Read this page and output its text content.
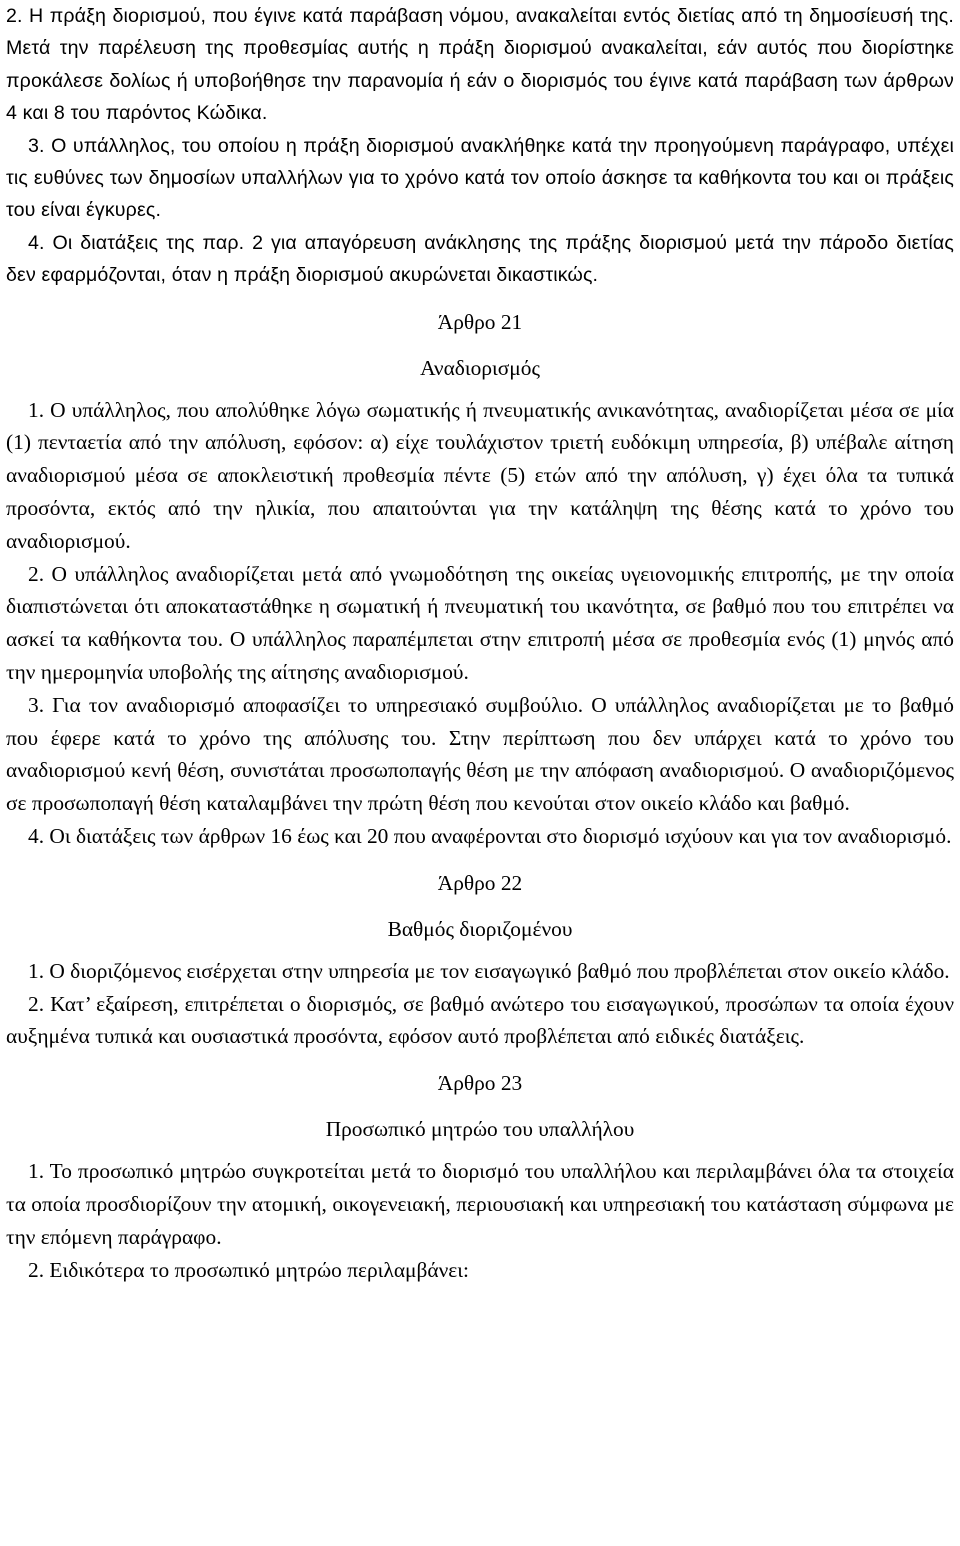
2. Η πράξη διορισμού, που έγινε κατά παράβαση νόμου, ανακαλείται εντός διετίας από τη δημοσίευσή της. Μετά την παρέλευση της προθεσμίας αυτής η πράξη διορισμού ανακαλείται, εάν αυτός που διορίστηκε προκάλεσε δολίως ή υποβοήθησε την παρανομία ή εάν ο διορισμός του έγινε κατά παράβαση των άρθρων 4 και 8 του παρόντος Κώδικα.

3. Ο υπάλληλος, του οποίου η πράξη διορισμού ανακλήθηκε κατά την προηγούμενη παράγραφο, υπέχει τις ευθύνες των δημοσίων υπαλλήλων για το χρόνο κατά τον οποίο άσκησε τα καθήκοντα του και οι πράξεις του είναι έγκυρες.

4. Οι διατάξεις της παρ. 2 για απαγόρευση ανάκλησης της πράξης διορισμού μετά την πάροδο διετίας δεν εφαρμόζονται, όταν η πράξη διορισμού ακυρώνεται δικαστικώς.

Άρθρο 21

Αναδιορισμός

1. Ο υπάλληλος, που απολύθηκε λόγω σωματικής ή πνευματικής ανικανότητας, αναδιορίζεται μέσα σε μία (1) πενταετία από την απόλυση, εφόσον: α) είχε τουλάχιστον τριετή ευδόκιμη υπηρεσία, β) υπέβαλε αίτηση αναδιορισμού μέσα σε αποκλειστική προθεσμία πέντε (5) ετών από την απόλυση, γ) έχει όλα τα τυπικά προσόντα, εκτός από την ηλικία, που απαιτούνται για την κατάληψη της θέσης κατά το χρόνο του αναδιορισμού.

2. Ο υπάλληλος αναδιορίζεται μετά από γνωμοδότηση της οικείας υγειονομικής επιτροπής, με την οποία διαπιστώνεται ότι αποκαταστάθηκε η σωματική ή πνευματική του ικανότητα, σε βαθμό που του επιτρέπει να ασκεί τα καθήκοντα του. Ο υπάλληλος παραπέμπεται στην επιτροπή μέσα σε προθεσμία ενός (1) μηνός από την ημερομηνία υποβολής της αίτησης αναδιορισμού.

3. Για τον αναδιορισμό αποφασίζει το υπηρεσιακό συμβούλιο. Ο υπάλληλος αναδιορίζεται με το βαθμό που έφερε κατά το χρόνο της απόλυσης του. Στην περίπτωση που δεν υπάρχει κατά το χρόνο του αναδιορισμού κενή θέση, συνιστάται προσωποπαγής θέση με την απόφαση αναδιορισμού. Ο αναδιοριζόμενος σε προσωποπαγή θέση καταλαμβάνει την πρώτη θέση που κενούται στον οικείο κλάδο και βαθμό.

4. Οι διατάξεις των άρθρων 16 έως και 20 που αναφέρονται στο διορισμό ισχύουν και για τον αναδιορισμό.

Άρθρο 22

Βαθμός διοριζομένου

1. Ο διοριζόμενος εισέρχεται στην υπηρεσία με τον εισαγωγικό βαθμό που προβλέπεται στον οικείο κλάδο.

2. Κατ’ εξαίρεση, επιτρέπεται ο διορισμός, σε βαθμό ανώτερο του εισαγωγικού, προσώπων τα οποία έχουν αυξημένα τυπικά και ουσιαστικά προσόντα, εφόσον αυτό προβλέπεται από ειδικές διατάξεις.

Άρθρο 23

Προσωπικό μητρώο του υπαλλήλου

1. Το προσωπικό μητρώο συγκροτείται μετά το διορισμό του υπαλλήλου και περιλαμβάνει όλα τα στοιχεία τα οποία προσδιορίζουν την ατομική, οικογενειακή, περιουσιακή και υπηρεσιακή του κατάσταση σύμφωνα με την επόμενη παράγραφο.

2. Ειδικότερα το προσωπικό μητρώο περιλαμβάνει:
